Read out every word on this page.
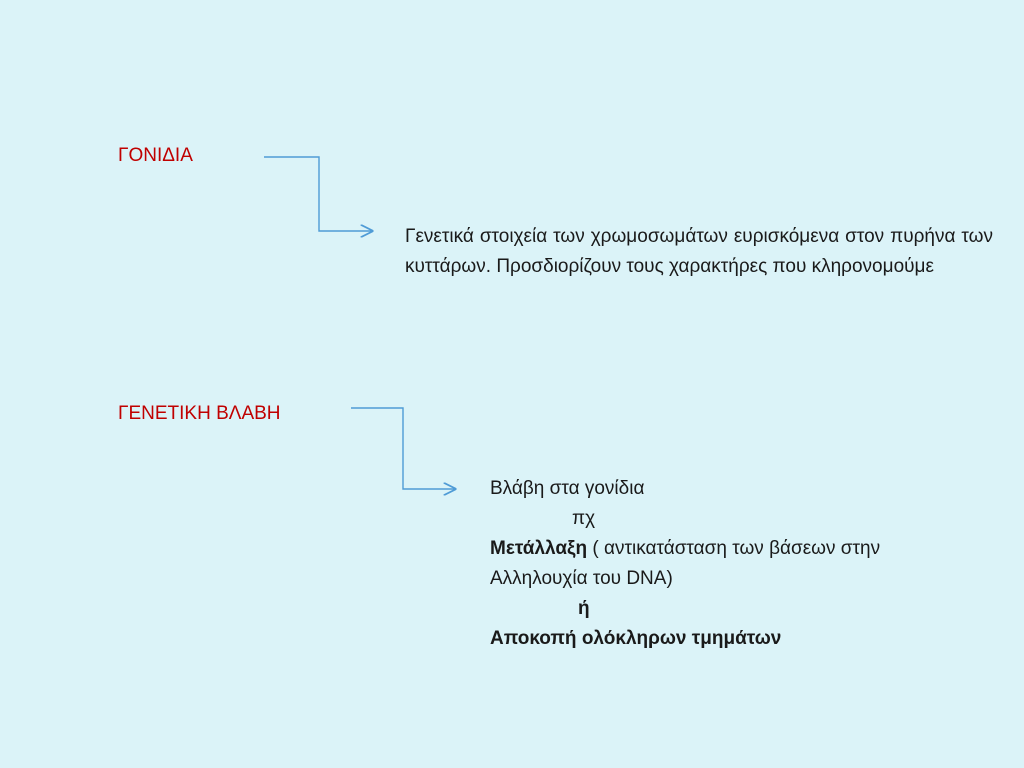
ΓΟΝΙΔΙΑ
ΓΕΝΕΤΙΚΗ ΒΛΑΒΗ
Γενετικά στοιχεία των χρωμοσωμάτων ευρισκόμενα στον πυρήνα των κυττάρων. Προσδιορίζουν τους χαρακτήρες που κληρονομούμε
Βλάβη στα γονίδια
πχ
Μετάλλαξη ( αντικατάσταση των βάσεων στην
Αλληλουχία του DNA)
ή
Αποκοπή ολόκληρων τμημάτων
